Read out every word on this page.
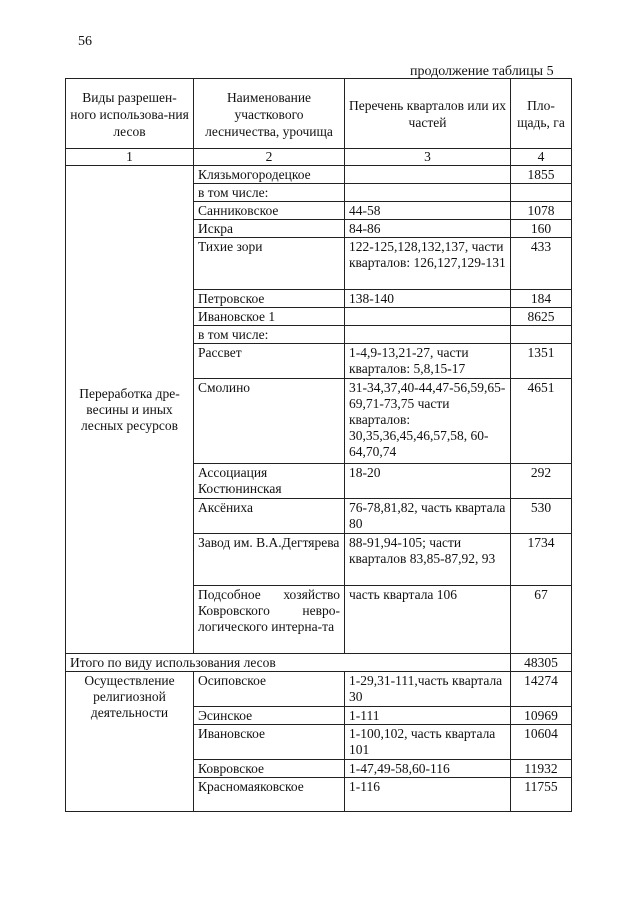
56
продолжение таблицы 5
Виды разрешен-ного использова-ния лесов	Наименование участкового лесничества, урочища	Перечень кварталов или их частей	Пло-щадь, га
1	2	3	4
Переработка дре-весины и иных лесных ресурсов	Клязьмогородецкое		1855
	в том числе:		
	Санниковское	44-58	1078
	Искра	84-86	160
	Тихие зори	122-125,128,132,137, части кварталов: 126,127,129-131	433
	Петровское	138-140	184
	Ивановское 1		8625
	в том числе:		
	Рассвет	1-4,9-13,21-27, части кварталов: 5,8,15-17	1351
	Смолино	31-34,37,40-44,47-56,59,65-69,71-73,75 части кварталов: 30,35,36,45,46,57,58, 60-64,70,74	4651
	Ассоциация Костюнинская	18-20	292
	Аксёниха	76-78,81,82, часть квартала 80	530
	Завод им. В.А.Дегтярева	88-91,94-105; части кварталов 83,85-87,92, 93	1734
	Подсобное хозяйство Ковровского невро-логического интерна-та	часть квартала 106	67
Итого по виду использования лесов			48305
Осуществление религиозной деятельности	Осиповское	1-29,31-111,часть квартала 30	14274
	Эсинское	1-111	10969
	Ивановское	1-100,102, часть квартала 101	10604
	Ковровское	1-47,49-58,60-116	11932
	Красномаяковское	1-116	11755
